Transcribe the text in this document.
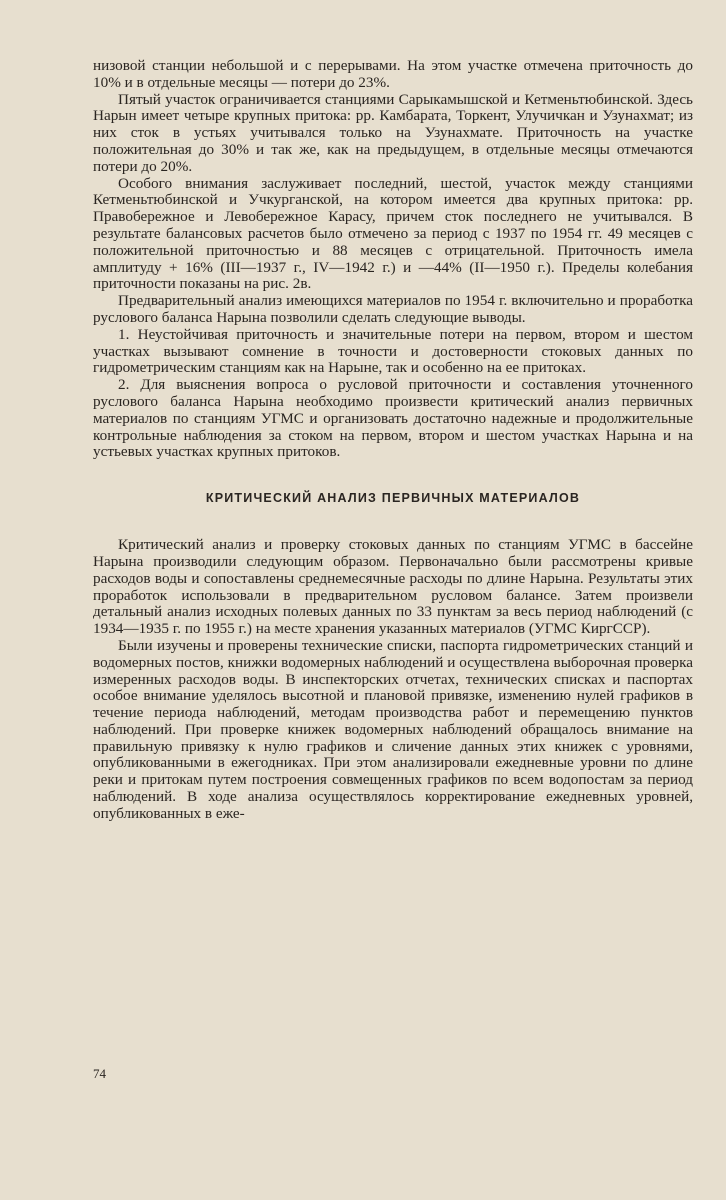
низовой станции небольшой и с перерывами. На этом участке отмечена приточность до 10% и в отдельные месяцы — потери до 23%.

Пятый участок ограничивается станциями Сарыкамышской и Кетменьтюбинской. Здесь Нарын имеет четыре крупных притока: рр. Камбарата, Торкент, Улучичкан и Узунахмат; из них сток в устьях учитывался только на Узунахмате. Приточность на участке положительная до 30% и так же, как на предыдущем, в отдельные месяцы отмечаются потери до 20%.

Особого внимания заслуживает последний, шестой, участок между станциями Кетменьтюбинской и Учкурганской, на котором имеется два крупных притока: рр. Правобережное и Левобережное Карасу, причем сток последнего не учитывался. В результате балансовых расчетов было отмечено за период с 1937 по 1954 гг. 49 месяцев с положительной приточностью и 88 месяцев с отрицательной. Приточность имела амплитуду + 16% (III—1937 г., IV—1942 г.) и —44% (II—1950 г.). Пределы колебания приточности показаны на рис. 2в.

Предварительный анализ имеющихся материалов по 1954 г. включительно и проработка руслового баланса Нарына позволили сделать следующие выводы.

1. Неустойчивая приточность и значительные потери на первом, втором и шестом участках вызывают сомнение в точности и достоверности стоковых данных по гидрометрическим станциям как на Нарыне, так и особенно на ее притоках.

2. Для выяснения вопроса о русловой приточности и составления уточненного руслового баланса Нарына необходимо произвести критический анализ первичных материалов по станциям УГМС и организовать достаточно надежные и продолжительные контрольные наблюдения за стоком на первом, втором и шестом участках Нарына и на устьевых участках крупных притоков.

КРИТИЧЕСКИЙ АНАЛИЗ ПЕРВИЧНЫХ МАТЕРИАЛОВ

Критический анализ и проверку стоковых данных по станциям УГМС в бассейне Нарына производили следующим образом. Первоначально были рассмотрены кривые расходов воды и сопоставлены среднемесячные расходы по длине Нарына. Результаты этих проработок использовали в предварительном русловом балансе. Затем произвели детальный анализ исходных полевых данных по 33 пунктам за весь период наблюдений (с 1934—1935 г. по 1955 г.) на месте хранения указанных материалов (УГМС КиргССР).

Были изучены и проверены технические списки, паспорта гидрометрических станций и водомерных постов, книжки водомерных наблюдений и осуществлена выборочная проверка измеренных расходов воды. В инспекторских отчетах, технических списках и паспортах особое внимание уделялось высотной и плановой привязке, изменению нулей графиков в течение периода наблюдений, методам производства работ и перемещению пунктов наблюдений. При проверке книжек водомерных наблюдений обращалось внимание на правильную привязку к нулю графиков и сличение данных этих книжек с уровнями, опубликованными в ежегодниках. При этом анализировали ежедневные уровни по длине реки и притокам путем построения совмещенных графиков по всем водопостам за период наблюдений. В ходе анализа осуществлялось корректирование ежедневных уровней, опубликованных в еже-

74
